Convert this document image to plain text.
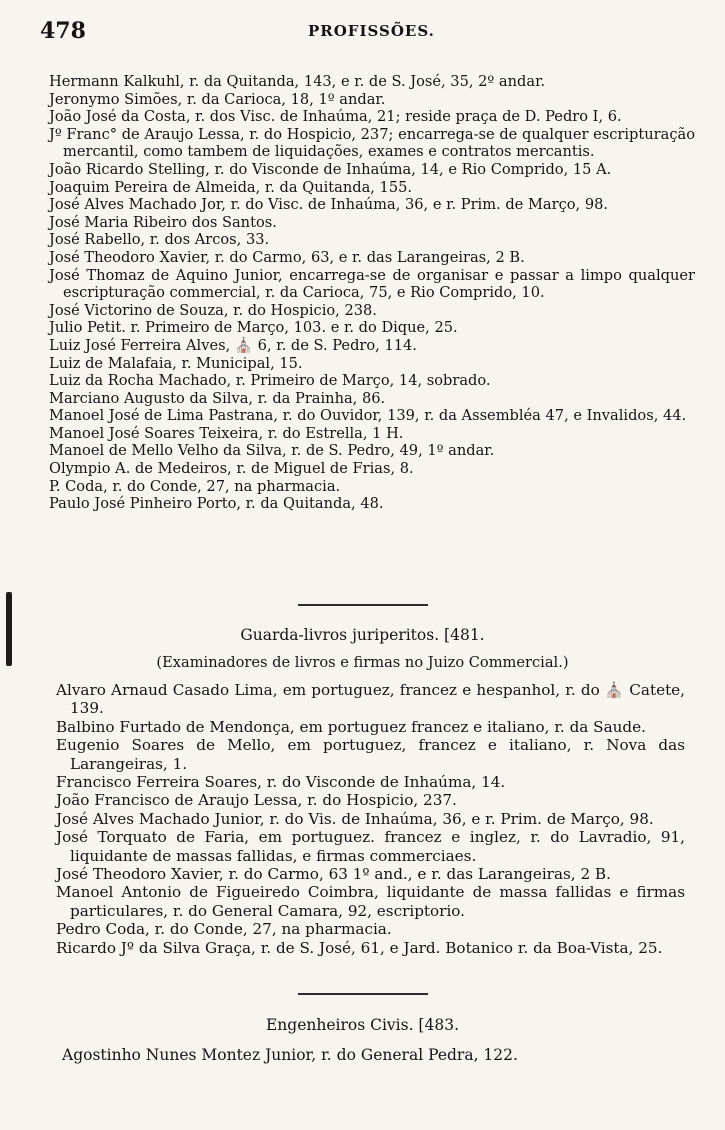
478	PROFISSÕES.

Hermann Kalkuhl, r. da Quitanda, 143, e r. de S. José, 35, 2º andar.

Jeronymo Simões, r. da Carioca, 18, 1º andar.

João José da Costa, r. dos Visc. de Inhaúma, 21; reside praça de D. Pedro I, 6.

Jº Franc° de Araujo Lessa, r. do Hospicio, 237; encarrega-se de qualquer escripturação mercantil, como tambem de liquidações, exames e contratos mercantis.

João Ricardo Stelling, r. do Visconde de Inhaúma, 14, e Rio Comprido, 15 A.

Joaquim Pereira de Almeida, r. da Quitanda, 155.

José Alves Machado Jor, r. do Visc. de Inhaúma, 36, e r. Prim. de Março, 98.

José Maria Ribeiro dos Santos.

José Rabello, r. dos Arcos, 33.

José Theodoro Xavier, r. do Carmo, 63, e r. das Larangeiras, 2 B.

José Thomaz de Aquino Junior, encarrega-se de organisar e passar a limpo qualquer escripturação commercial, r. da Carioca, 75, e Rio Comprido, 10.

José Victorino de Souza, r. do Hospicio, 238.

Julio Petit. r. Primeiro de Março, 103. e r. do Dique, 25.

Luiz José Ferreira Alves, ⛪ 6, r. de S. Pedro, 114.

Luiz de Malafaia, r. Municipal, 15.

Luiz da Rocha Machado, r. Primeiro de Março, 14, sobrado.

Marciano Augusto da Silva, r. da Prainha, 86.

Manoel José de Lima Pastrana, r. do Ouvidor, 139, r. da Assembléa 47, e Invalidos, 44.

Manoel José Soares Teixeira, r. do Estrella, 1 H.

Manoel de Mello Velho da Silva, r. de S. Pedro, 49, 1º andar.

Olympio A. de Medeiros, r. de Miguel de Frias, 8.

P. Coda, r. do Conde, 27, na pharmacia.

Paulo José Pinheiro Porto, r. da Quitanda, 48.

Guarda-livros juriperitos. [481.
(Examinadores de livros e firmas no Juizo Commercial.)

Alvaro Arnaud Casado Lima, em portuguez, francez e hespanhol, r. do ⛪ Catete, 139.

Balbino Furtado de Mendonça, em portuguez francez e italiano, r. da Saude.

Eugenio Soares de Mello, em portuguez, francez e italiano, r. Nova das Larangeiras, 1.

Francisco Ferreira Soares, r. do Visconde de Inhaúma, 14.

João Francisco de Araujo Lessa, r. do Hospicio, 237.

José Alves Machado Junior, r. do Vis. de Inhaúma, 36, e r. Prim. de Março, 98.

José Torquato de Faria, em portuguez. francez e inglez, r. do Lavradio, 91, liquidante de massas fallidas, e firmas commerciaes.

José Theodoro Xavier, r. do Carmo, 63 1º and., e r. das Larangeiras, 2 B.

Manoel Antonio de Figueiredo Coimbra, liquidante de massa fallidas e firmas particulares, r. do General Camara, 92, escriptorio.

Pedro Coda, r. do Conde, 27, na pharmacia.

Ricardo Jº da Silva Graça, r. de S. José, 61, e Jard. Botanico r. da Boa-Vista, 25.

Engenheiros Civis. [483.

Agostinho Nunes Montez Junior, r. do General Pedra, 122.
